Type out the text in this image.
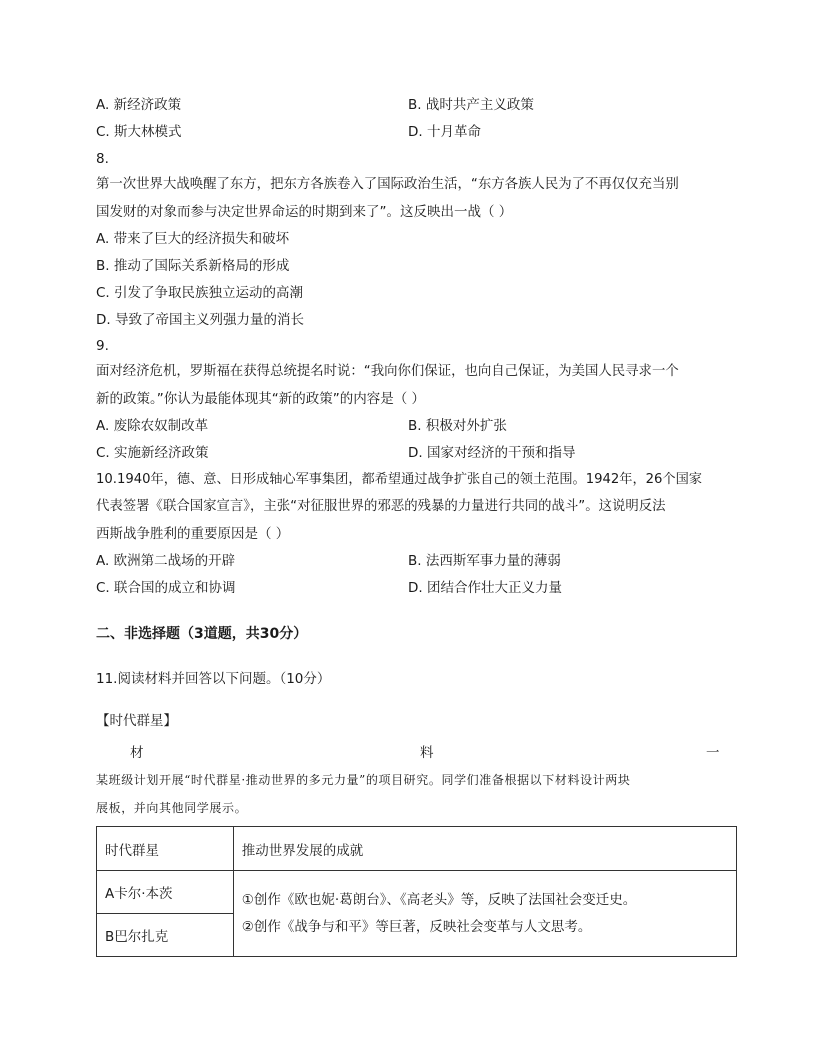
A. 新经济政策	B. 战时共产主义政策
C. 斯大林模式	D. 十月革命
8.
第一次世界大战唤醒了东方，把东方各族卷入了国际政治生活，“东方各族人民为了不再仅仅充当别
国发财的对象而参与决定世界命运的时期到来了”。这反映出一战（ ）
A. 带来了巨大的经济损失和破坏
B. 推动了国际关系新格局的形成
C. 引发了争取民族独立运动的高潮
D. 导致了帝国主义列强力量的消长
9.
面对经济危机，罗斯福在获得总统提名时说：“我向你们保证，也向自己保证，为美国人民寻求一个
新的政策。”你认为最能体现其“新的政策”的内容是（ ）
A. 废除农奴制改革	B. 积极对外扩张
C. 实施新经济政策	D. 国家对经济的干预和指导
10.1940年，德、意、日形成轴心军事集团，都希望通过战争扩张自己的领土范围。1942年，26个国家
代表签署《联合国家宣言》，主张“对征服世界的邪恶的残暴的力量进行共同的战斗”。这说明反法
西斯战争胜利的重要原因是（ ）
A. 欧洲第二战场的开辟	B. 法西斯军事力量的薄弱
C. 联合国的成立和协调	D. 团结合作壮大正义力量
二、非选择题（3道题，共30分）
11.阅读材料并回答以下问题。（10分）
【时代群星】
材	料	一
某班级计划开展“时代群星·推动世界的多元力量”的项目研究。同学们准备根据以下材料设计两块
展板，并向其他同学展示。
时代群星	推动世界发展的成就
A卡尔·本茨	①创作《欧也妮·葛朗台》、《高老头》等，反映了法国社会变迁史。
②创作《战争与和平》等巨著，反映社会变革与人文思考。

B巴尔扎克	
